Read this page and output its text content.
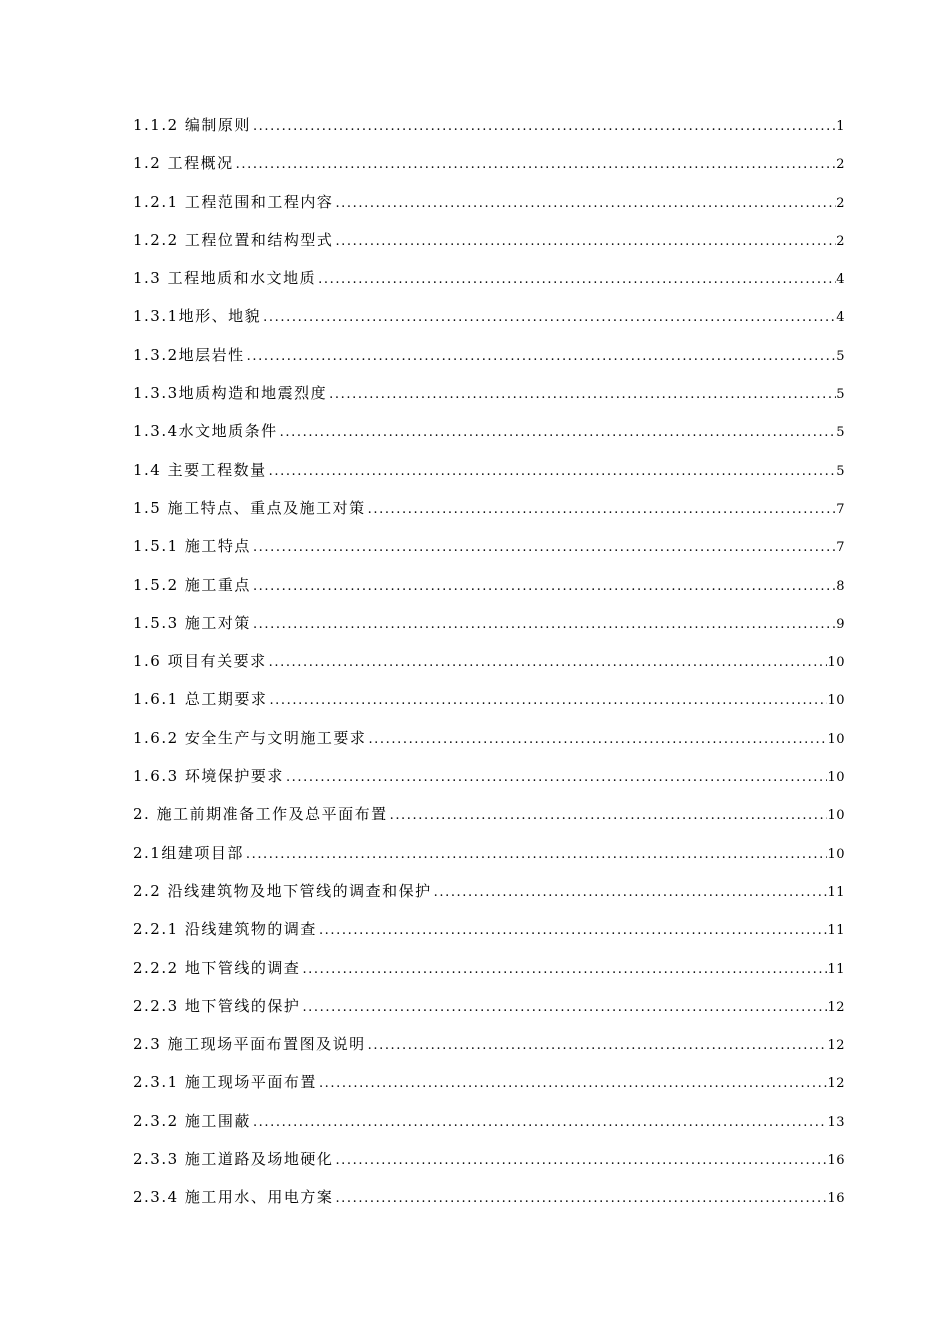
1.1.2 编制原则 .....	1
1.2 工程概况 .....	2
1.2.1 工程范围和工程内容 .....	2
1.2.2 工程位置和结构型式 .....	2
1.3 工程地质和水文地质 .....	4
1.3.1地形、地貌 .....	4
1.3.2地层岩性 .....	5
1.3.3地质构造和地震烈度 .....	5
1.3.4水文地质条件 .....	5
1.4 主要工程数量 .....	5
1.5 施工特点、重点及施工对策 .....	7
1.5.1 施工特点 .....	7
1.5.2 施工重点 .....	8
1.5.3 施工对策 .....	9
1.6 项目有关要求 .....	10
1.6.1 总工期要求 .....	10
1.6.2 安全生产与文明施工要求 .....	10
1.6.3 环境保护要求 .....	10
2. 施工前期准备工作及总平面布置 .....	10
2.1组建项目部 .....	10
2.2 沿线建筑物及地下管线的调查和保护 .....	11
2.2.1 沿线建筑物的调查 .....	11
2.2.2 地下管线的调查 .....	11
2.2.3 地下管线的保护 .....	12
2.3 施工现场平面布置图及说明 .....	12
2.3.1 施工现场平面布置 .....	12
2.3.2 施工围蔽 .....	13
2.3.3 施工道路及场地硬化 .....	16
2.3.4 施工用水、用电方案 .....	16
